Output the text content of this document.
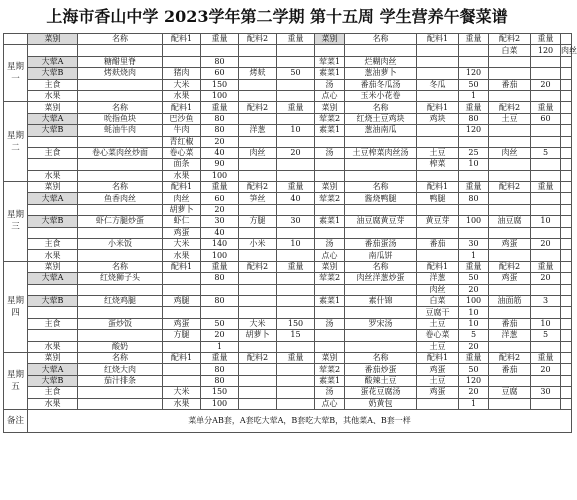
上海市香山中学 2023学年第二学期 第十五周 学生营养午餐菜谱
	菜别	名称	配料1	重量	配料2	重量	菜别	名称	配料1	重量	配料2	重量	
星期一											白菜	120	肉丝
	大荤A	糖醋里脊		80			荤菜1	烂糊肉丝					
	大荤B	烤麸烧肉	猪肉	60	烤麸	50	素菜1	葱油萝卜		120			
	主食		大米	150			汤	番茄冬瓜汤	冬瓜	50	番茄	20	
	水果		水果	100			点心	玉米小花卷		1			
星期二	菜别	名称	配料1	重量	配料2	重量	菜别	名称	配料1	重量	配料2	重量	
	大荤A	吮指鱼块	巴沙鱼	80			荤菜2	红烧土豆鸡块	鸡块	80	土豆	60	
	大荤B	蚝油牛肉	牛肉	80	洋葱	10	素菜1	葱油南瓜		120			
			青红椒	20									
	主食	卷心菜肉丝炒面	卷心菜	40	肉丝	20	汤	土豆榨菜肉丝汤	土豆	25	肉丝	5	
			面条	90					榨菜	10			
	水果		水果	100									
星期三	菜别	名称	配料1	重量	配料2	重量	菜别	名称	配料1	重量	配料2	重量	
	大荤A	鱼香肉丝	肉丝	60	笋丝	40	荤菜2	酱烧鸭腿	鸭腿	80			
			胡萝卜	20									
	大荤B	虾仁方腿炒蛋	虾仁	30	方腿	30	素菜1	油豆腐黄豆芽	黄豆芽	100	油豆腐	10	
			鸡蛋	40									
	主食	小米饭	大米	140	小米	10	汤	番茄蛋汤	番茄	30	鸡蛋	20	
	水果		水果	100			点心	南瓜饼		1			
星期四	菜别	名称	配料1	重量	配料2	重量	菜别	名称	配料1	重量	配料2	重量	
	大荤A	红烧狮子头		80			荤菜2	肉丝洋葱炒蛋	洋葱	50	鸡蛋	20	
									肉丝	20			
	大荤B	红烧鸡腿	鸡腿	80			素菜1	素什锦	白菜	100	油面筋	3	
									豆腐干	10			
	主食	蛋炒饭	鸡蛋	50	大米	150	汤	罗宋汤	土豆	10	番茄	10	
			方腿	20	胡萝卜	15			卷心菜	5	洋葱	5	
	水果	酸奶		1					土豆	20			
星期五	菜别	名称	配料1	重量	配料2	重量	菜别	名称	配料1	重量	配料2	重量	
	大荤A	红烧大肉		80			荤菜2	番茄炒蛋	鸡蛋	50	番茄	20	
	大荤B	茄汁排条		80			素菜1	酸辣土豆	土豆	120			
	主食		大米	150			汤	蛋花豆腐汤	鸡蛋	20	豆腐	30	
	水果		水果	100			点心	奶黄包		1			
备注	菜单分AB套，A套吃大荤A，B套吃大荤B，其他菜A、B套一样												
